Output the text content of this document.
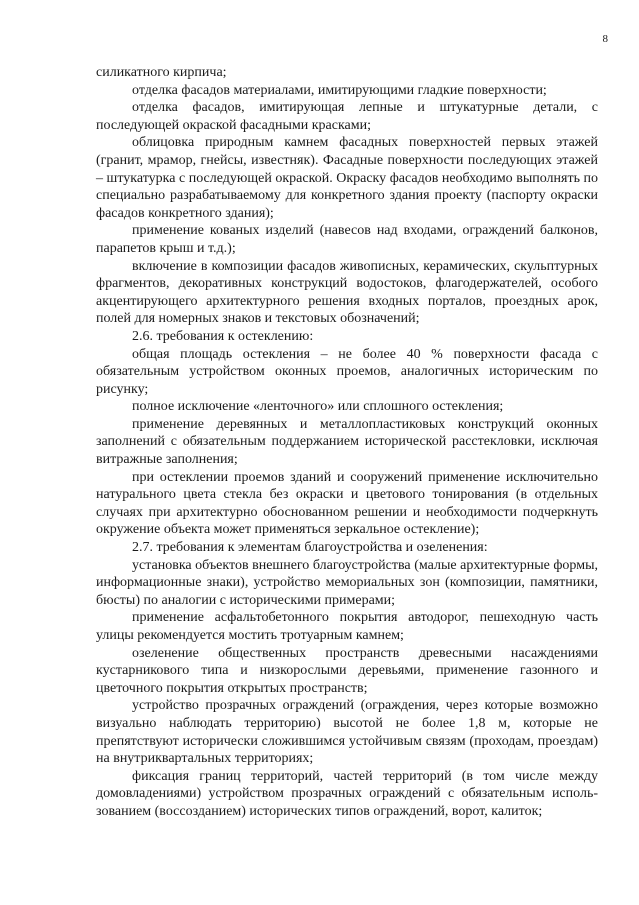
8

силикатного кирпича;

отделка фасадов материалами, имитирующими гладкие поверхности;

отделка фасадов, имитирующая лепные и штукатурные детали, с последующей окраской фасадными красками;

облицовка природным камнем фасадных поверхностей первых этажей (гранит, мрамор, гнейсы, известняк). Фасадные поверхности последующих этажей – штукатурка с последующей окраской. Окраску фасадов необходимо выполнять по специально разрабатываемому для конкретного здания проекту (паспорту окраски фасадов конкретного здания);

применение кованых изделий (навесов над входами, ограждений балконов, парапетов крыш и т.д.);

включение в композиции фасадов живописных, керамических, скульптурных фрагментов, декоративных конструкций водостоков, флагодержателей, особого акцентирующего архитектурного решения входных порталов, проездных арок, полей для номерных знаков и текстовых обозначений;

2.6. требования к остеклению:

общая площадь остекления – не более 40 % поверхности фасада с обязательным устройством оконных проемов, аналогичных историческим по рисунку;

полное исключение «ленточного» или сплошного остекления;

применение деревянных и металлопластиковых конструкций оконных заполнений с обязательным поддержанием исторической расстекловки, исключая витражные заполнения;

при остеклении проемов зданий и сооружений применение исключительно натурального цвета стекла без окраски и цветового тонирования (в отдельных случаях при архитектурно обоснованном решении и необходимости подчеркнуть окружение объекта может применяться зеркальное остекление);

2.7. требования к элементам благоустройства и озеленения:

установка объектов внешнего благоустройства (малые архитектурные формы, информационные знаки), устройство мемориальных зон (композиции, памятники, бюсты) по аналогии с историческими примерами;

применение асфальтобетонного покрытия автодорог, пешеходную часть улицы рекомендуется мостить тротуарным камнем;

озеленение общественных пространств древесными насаждениями кустарникового типа и низкорослыми деревьями, применение газонного и цветочного покрытия открытых пространств;

устройство прозрачных ограждений (ограждения, через которые возможно визуально наблюдать территорию) высотой не более 1,8 м, которые не препятствуют исторически сложившимся устойчивым связям (проходам, проездам) на внутриквартальных территориях;

фиксация границ территорий, частей территорий (в том числе между домовладениями) устройством прозрачных ограждений с обязательным использованием (воссозданием) исторических типов ограждений, ворот, калиток;
